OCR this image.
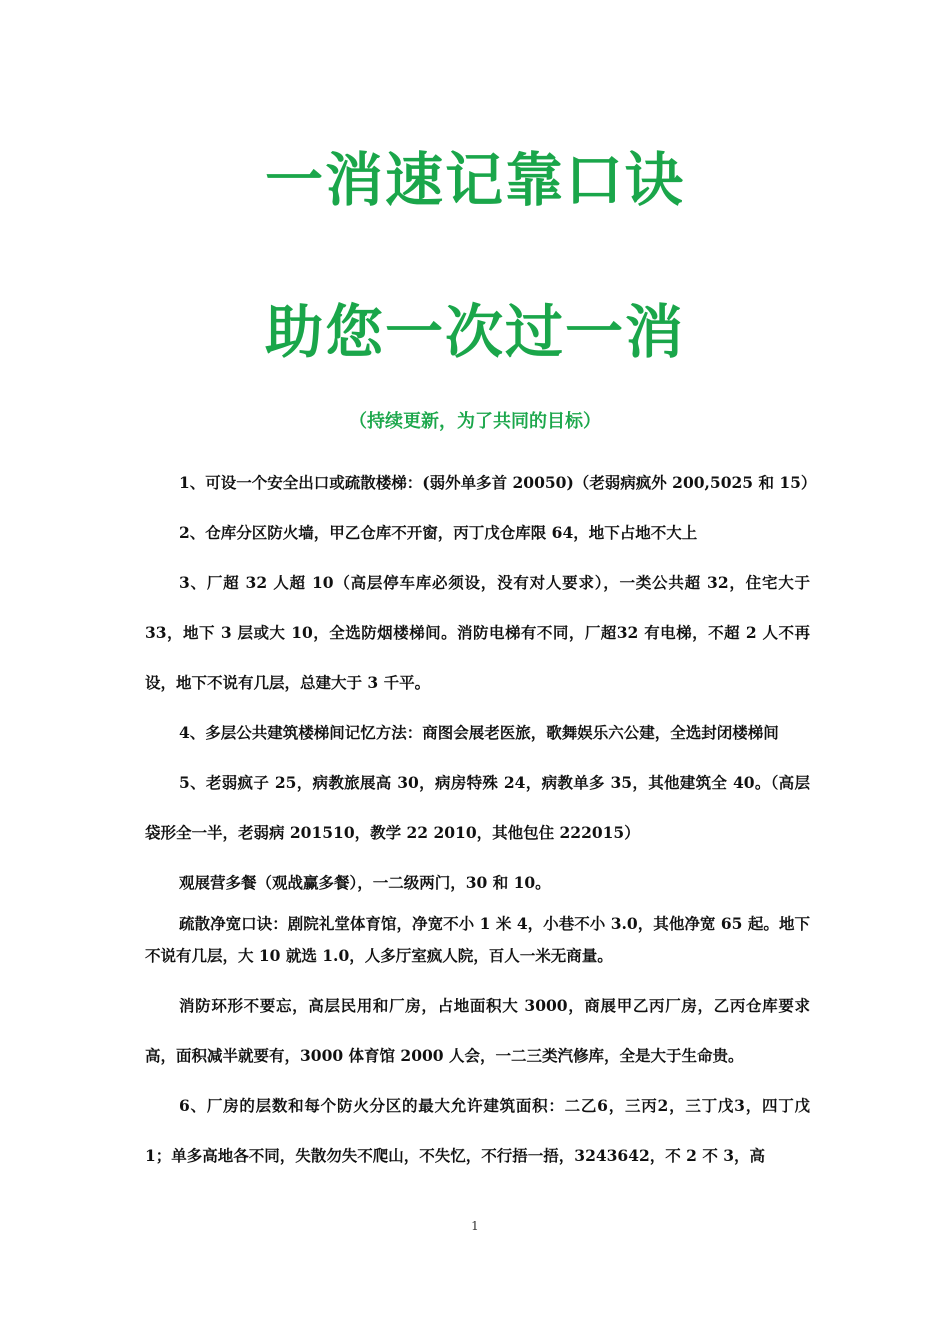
一消速记靠口诀
助您一次过一消

（持续更新，为了共同的目标）

1、可设一个安全出口或疏散楼梯：(弱外单多首 20050)（老弱病疯外 200,5025 和 15）

2、仓库分区防火墙，甲乙仓库不开窗，丙丁戊仓库限 64，地下占地不大上

3、厂超 32 人超 10（高层停车库必须设，没有对人要求），一类公共超 32，住宅大于 33，地下 3 层或大 10，全选防烟楼梯间。消防电梯有不同，厂超32 有电梯，不超 2 人不再设，地下不说有几层，总建大于 3 千平。

4、多层公共建筑楼梯间记忆方法：商图会展老医旅，歌舞娱乐六公建，全选封闭楼梯间

5、老弱疯子 25，病教旅展高 30，病房特殊 24，病教单多 35，其他建筑全 40。（高层袋形全一半，老弱病 201510，教学 22 2010，其他包住 222015）

观展营多餐（观战赢多餐），一二级两门，30 和 10。

疏散净宽口诀：剧院礼堂体育馆，净宽不小 1 米 4，小巷不小 3.0，其他净宽 65 起。地下不说有几层，大 10 就选 1.0，人多厅室疯人院，百人一米无商量。

消防环形不要忘，高层民用和厂房，占地面积大 3000，商展甲乙丙厂房，乙丙仓库要求高，面积减半就要有，3000 体育馆 2000 人会，一二三类汽修库，全是大于生命贵。

6、厂房的层数和每个防火分区的最大允许建筑面积：二乙6，三丙2，三丁戊3，四丁戊 1；单多高地各不同，失散勿失不爬山，不失忆，不行捂一捂，3243642，不 2 不 3，高

1
